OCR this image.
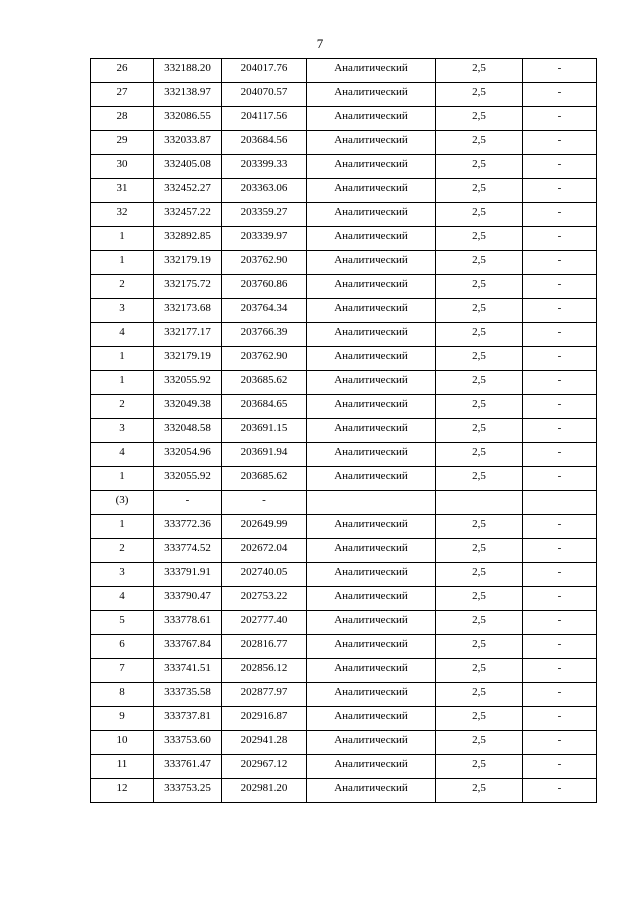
7
26	332188.20	204017.76	Аналитический	2,5	-
27	332138.97	204070.57	Аналитический	2,5	-
28	332086.55	204117.56	Аналитический	2,5	-
29	332033.87	203684.56	Аналитический	2,5	-
30	332405.08	203399.33	Аналитический	2,5	-
31	332452.27	203363.06	Аналитический	2,5	-
32	332457.22	203359.27	Аналитический	2,5	-
1	332892.85	203339.97	Аналитический	2,5	-
1	332179.19	203762.90	Аналитический	2,5	-
2	332175.72	203760.86	Аналитический	2,5	-
3	332173.68	203764.34	Аналитический	2,5	-
4	332177.17	203766.39	Аналитический	2,5	-
1	332179.19	203762.90	Аналитический	2,5	-
1	332055.92	203685.62	Аналитический	2,5	-
2	332049.38	203684.65	Аналитический	2,5	-
3	332048.58	203691.15	Аналитический	2,5	-
4	332054.96	203691.94	Аналитический	2,5	-
1	332055.92	203685.62	Аналитический	2,5	-
(3)	-	-			
1	333772.36	202649.99	Аналитический	2,5	-
2	333774.52	202672.04	Аналитический	2,5	-
3	333791.91	202740.05	Аналитический	2,5	-
4	333790.47	202753.22	Аналитический	2,5	-
5	333778.61	202777.40	Аналитический	2,5	-
6	333767.84	202816.77	Аналитический	2,5	-
7	333741.51	202856.12	Аналитический	2,5	-
8	333735.58	202877.97	Аналитический	2,5	-
9	333737.81	202916.87	Аналитический	2,5	-
10	333753.60	202941.28	Аналитический	2,5	-
11	333761.47	202967.12	Аналитический	2,5	-
12	333753.25	202981.20	Аналитический	2,5	-
